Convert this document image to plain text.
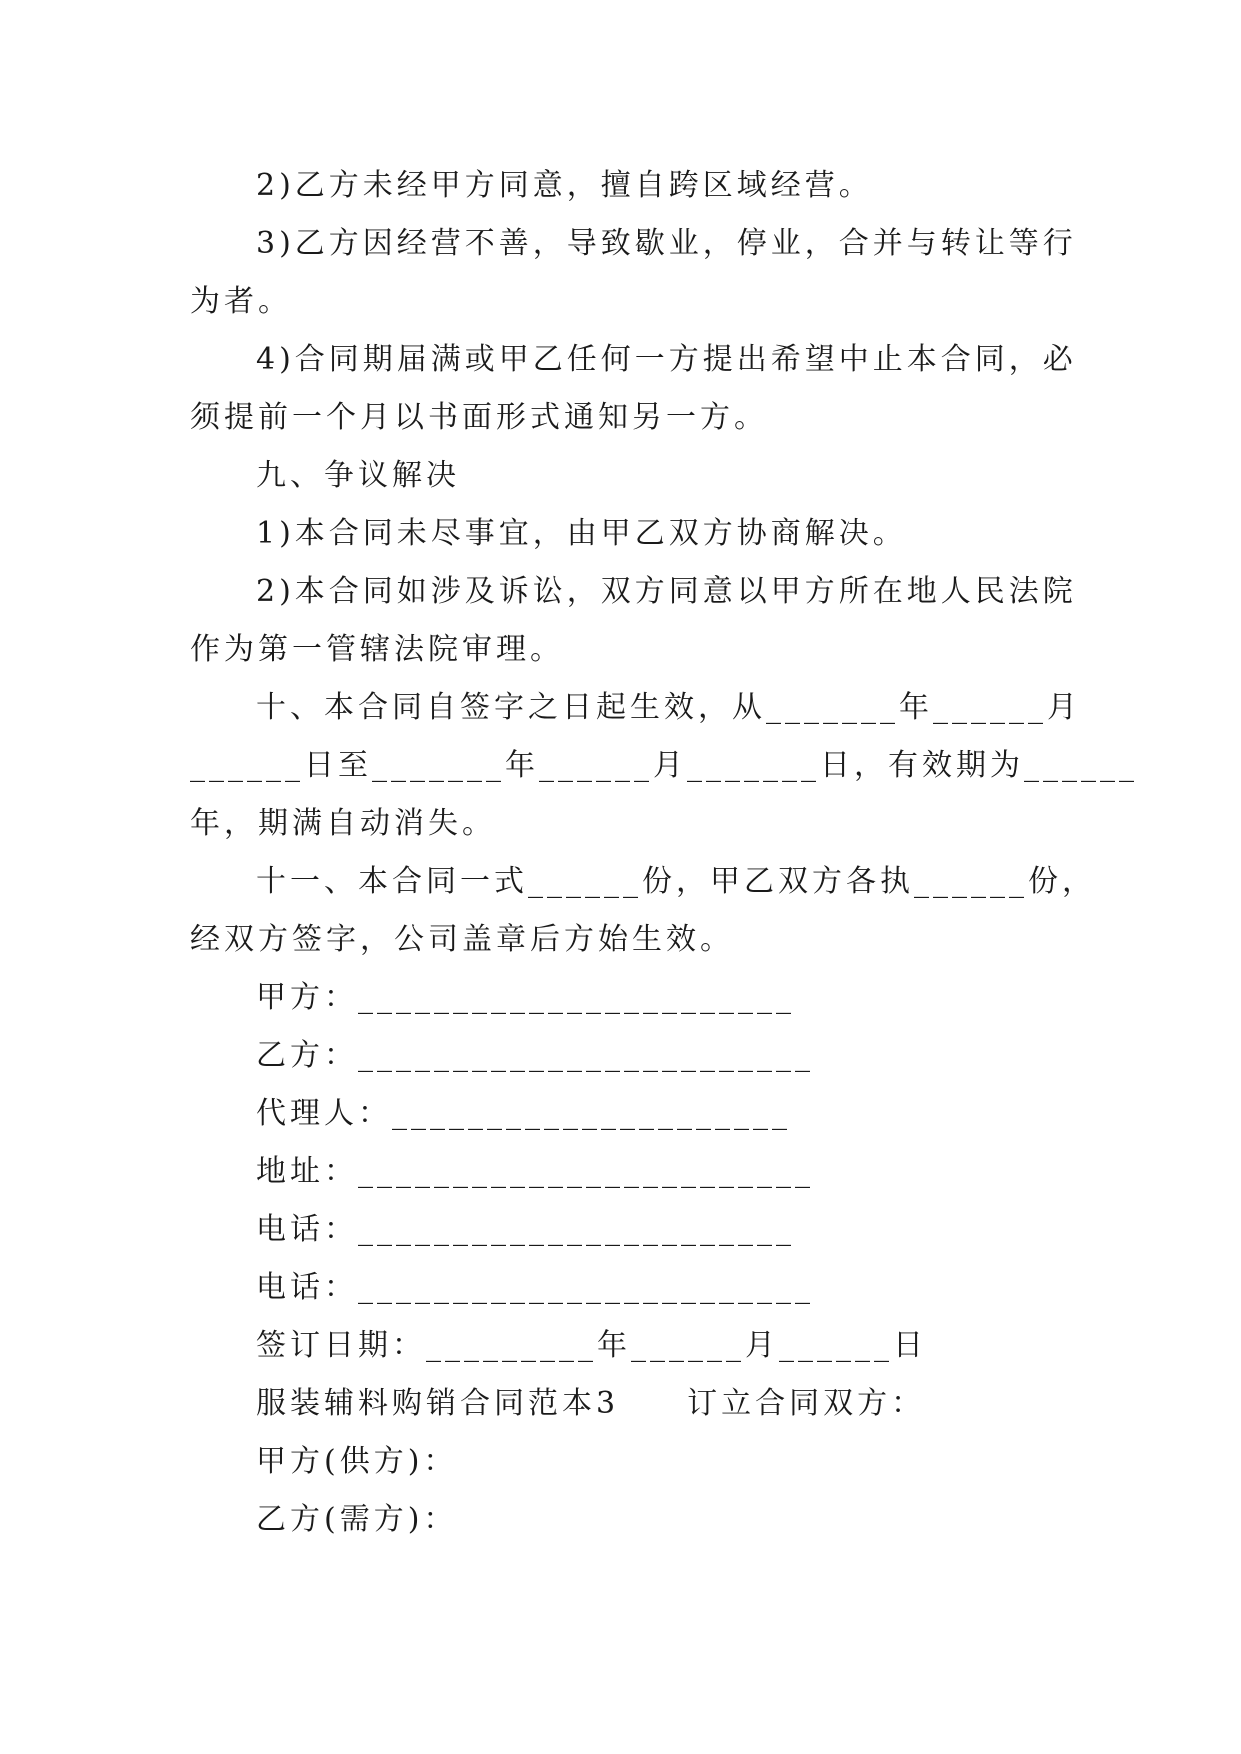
2)乙方未经甲方同意，擅自跨区域经营。
3)乙方因经营不善，导致歇业，停业，合并与转让等行
为者。
4)合同期届满或甲乙任何一方提出希望中止本合同，必
须提前一个月以书面形式通知另一方。
九、争议解决
1)本合同未尽事宜，由甲乙双方协商解决。
2)本合同如涉及诉讼，双方同意以甲方所在地人民法院
作为第一管辖法院审理。
十、本合同自签字之日起生效，从_______年______月
______日至_______年______月_______日，有效期为______
年，期满自动消失。
十一、本合同一式______份，甲乙双方各执______份，
经双方签字，公司盖章后方始生效。
甲方：_______________________
乙方：________________________
代理人：_____________________
地址：________________________
电话：_______________________
电话：________________________
签订日期：_________年______月______日
服装辅料购销合同范本3　　订立合同双方：
甲方(供方)：
乙方(需方)：
